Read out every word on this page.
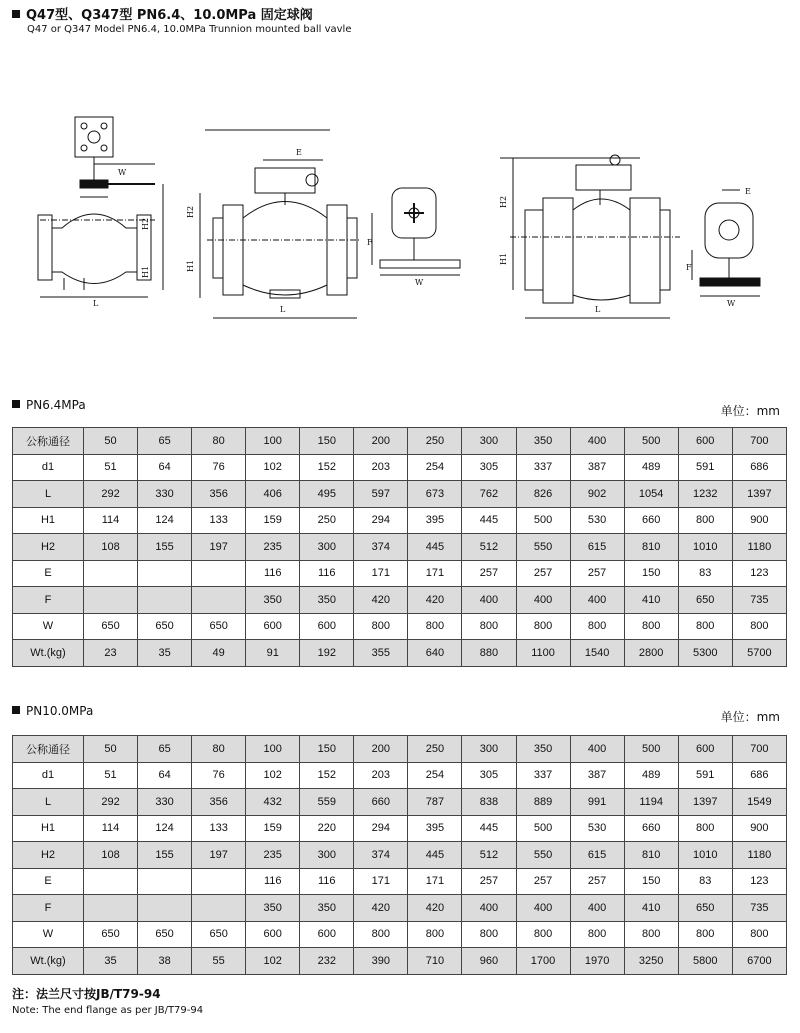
Q47型、Q347型 PN6.4、10.0MPa 固定球阀
Q47 or Q347 Model PN6.4, 10.0MPa Trunnion mounted ball vavle
W
H2
H1
L
E
H2
H1
L
F
W
H2
H1
L
E
F
W
PN6.4MPa	单位：mm
公称通径	50	65	80	100	150	200	250	300	350	400	500	600	700
d1	51	64	76	102	152	203	254	305	337	387	489	591	686
L	292	330	356	406	495	597	673	762	826	902	1054	1232	1397
H1	114	124	133	159	250	294	395	445	500	530	660	800	900
H2	108	155	197	235	300	374	445	512	550	615	810	1010	1180
E				116	116	171	171	257	257	257	150	83	123
F				350	350	420	420	400	400	400	410	650	735
W	650	650	650	600	600	800	800	800	800	800	800	800	800
Wt.(kg)	23	35	49	91	192	355	640	880	1100	1540	2800	5300	5700
PN10.0MPa	单位：mm
公称通径	50	65	80	100	150	200	250	300	350	400	500	600	700
d1	51	64	76	102	152	203	254	305	337	387	489	591	686
L	292	330	356	432	559	660	787	838	889	991	1194	1397	1549
H1	114	124	133	159	220	294	395	445	500	530	660	800	900
H2	108	155	197	235	300	374	445	512	550	615	810	1010	1180
E				116	116	171	171	257	257	257	150	83	123
F				350	350	420	420	400	400	400	410	650	735
W	650	650	650	600	600	800	800	800	800	800	800	800	800
Wt.(kg)	35	38	55	102	232	390	710	960	1700	1970	3250	5800	6700
注：法兰尺寸按JB/T79-94
Note: The end flange as per JB/T79-94
